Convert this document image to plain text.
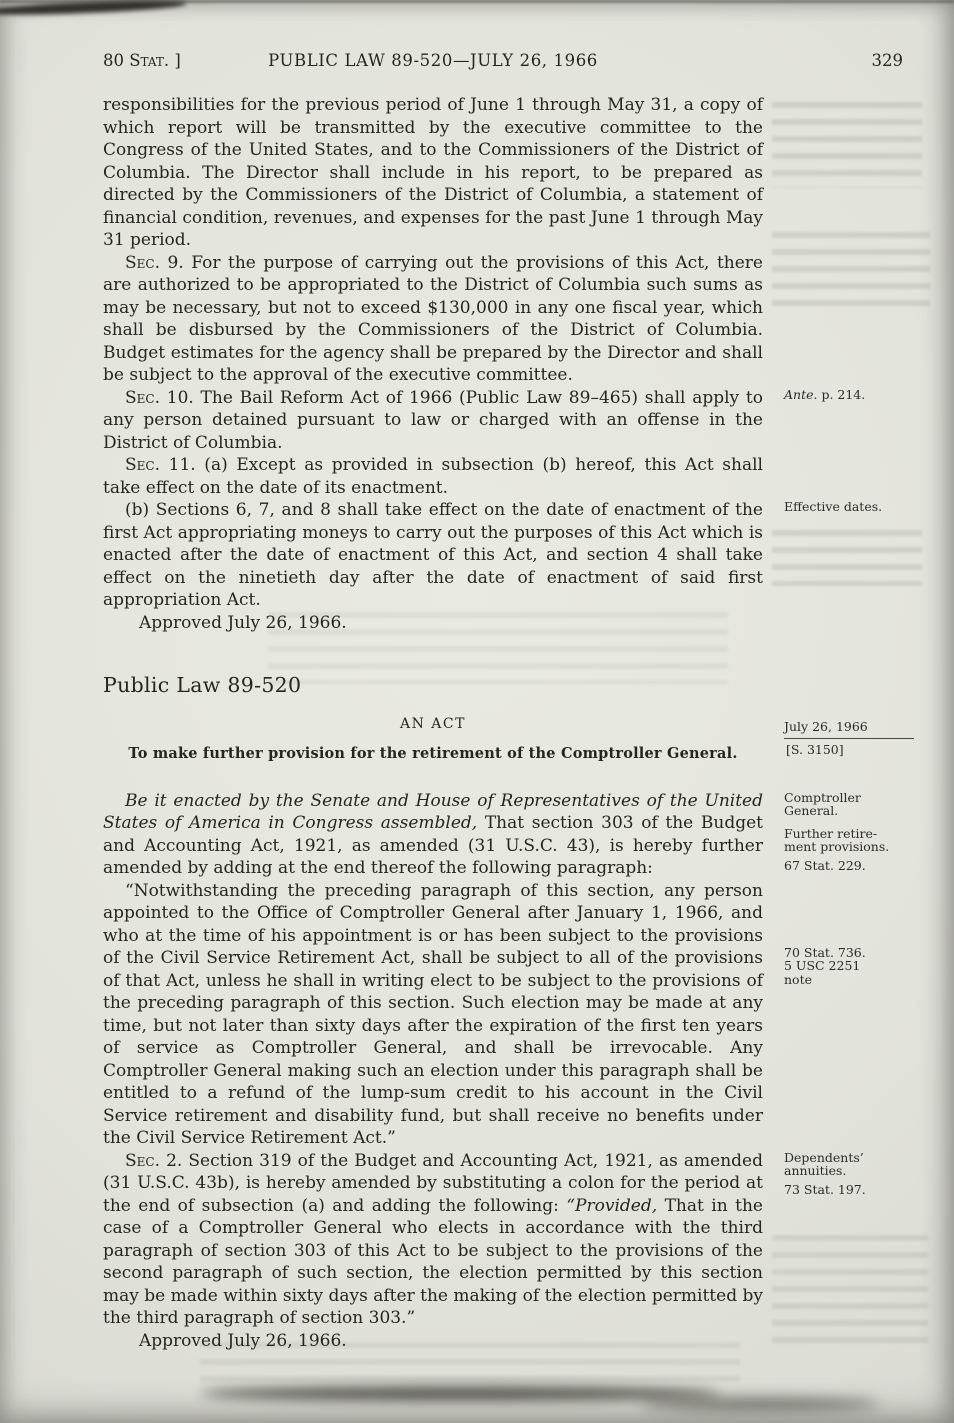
80 Stat. ]	PUBLIC LAW 89-520—JULY 26, 1966	329

responsibilities for the previous period of June 1 through May 31, a copy of which report will be transmitted by the executive committee to the Congress of the United States, and to the Commissioners of the District of Columbia. The Director shall include in his report, to be prepared as directed by the Commissioners of the District of Columbia, a statement of financial condition, revenues, and expenses for the past June 1 through May 31 period.

Sec. 9. For the purpose of carrying out the provisions of this Act, there are authorized to be appropriated to the District of Columbia such sums as may be necessary, but not to exceed $130,000 in any one fiscal year, which shall be disbursed by the Commissioners of the District of Columbia. Budget estimates for the agency shall be prepared by the Director and shall be subject to the approval of the executive committee.

Sec. 10. The Bail Reform Act of 1966 (Public Law 89–465) shall apply to any person detained pursuant to law or charged with an offense in the District of Columbia.
Ante. p. 214.

Sec. 11. (a) Except as provided in subsection (b) hereof, this Act shall take effect on the date of its enactment.

(b) Sections 6, 7, and 8 shall take effect on the date of enactment of the first Act appropriating moneys to carry out the purposes of this Act which is enacted after the date of enactment of this Act, and section 4 shall take effect on the ninetieth day after the date of enactment of said first appropriation Act.
Effective dates.

Approved July 26, 1966.

Public Law 89-520
AN ACT
To make further provision for the retirement of the Comptroller General.
July 26, 1966
[S. 3150]

Be it enacted by the Senate and House of Representatives of the United States of America in Congress assembled, That section 303 of the Budget and Accounting Act, 1921, as amended (31 U.S.C. 43), is hereby further amended by adding at the end thereof the following paragraph:
Comptroller
General.
Further retire-
ment provisions.
67 Stat. 229.

“Notwithstanding the preceding paragraph of this section, any person appointed to the Office of Comptroller General after January 1, 1966, and who at the time of his appointment is or has been subject to the provisions of the Civil Service Retirement Act, shall be subject to all of the provisions of that Act, unless he shall in writing elect to be subject to the provisions of the preceding paragraph of this section. Such election may be made at any time, but not later than sixty days after the expiration of the first ten years of service as Comptroller General, and shall be irrevocable. Any Comptroller General making such an election under this paragraph shall be entitled to a refund of the lump-sum credit to his account in the Civil Service retirement and disability fund, but shall receive no benefits under the Civil Service Retirement Act.”
70 Stat. 736.
5 USC 2251
note

Sec. 2. Section 319 of the Budget and Accounting Act, 1921, as amended (31 U.S.C. 43b), is hereby amended by substituting a colon for the period at the end of subsection (a) and adding the following: “Provided, That in the case of a Comptroller General who elects in accordance with the third paragraph of section 303 of this Act to be subject to the provisions of the second paragraph of such section, the election permitted by this section may be made within sixty days after the making of the election permitted by the third paragraph of section 303.”
Dependents’
annuities.
73 Stat. 197.

Approved July 26, 1966.
